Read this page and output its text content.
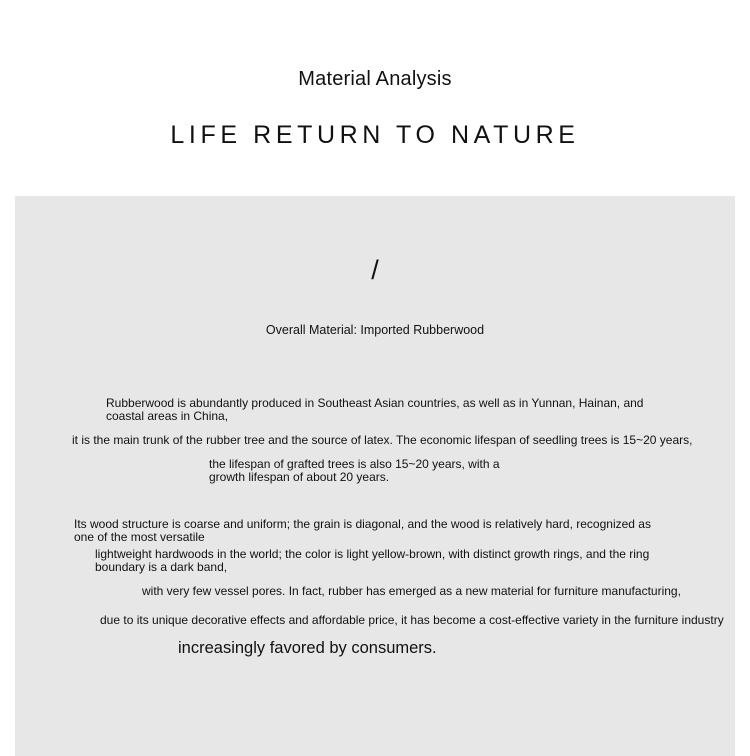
Material Analysis
LIFE RETURN TO NATURE
/
Overall Material: Imported Rubberwood
Rubberwood is abundantly produced in Southeast Asian countries, as well as in Yunnan, Hainan, and coastal areas in China,
it is the main trunk of the rubber tree and the source of latex. The economic lifespan of seedling trees is 15~20 years,
the lifespan of grafted trees is also 15~20 years, with a growth lifespan of about 20 years.
Its wood structure is coarse and uniform; the grain is diagonal, and the wood is relatively hard, recognized as one of the most versatile
lightweight hardwoods in the world; the color is light yellow-brown, with distinct growth rings, and the ring boundary is a dark band,
with very few vessel pores. In fact, rubber has emerged as a new material for furniture manufacturing,
due to its unique decorative effects and affordable price, it has become a cost-effective variety in the furniture industry
increasingly favored by consumers.
